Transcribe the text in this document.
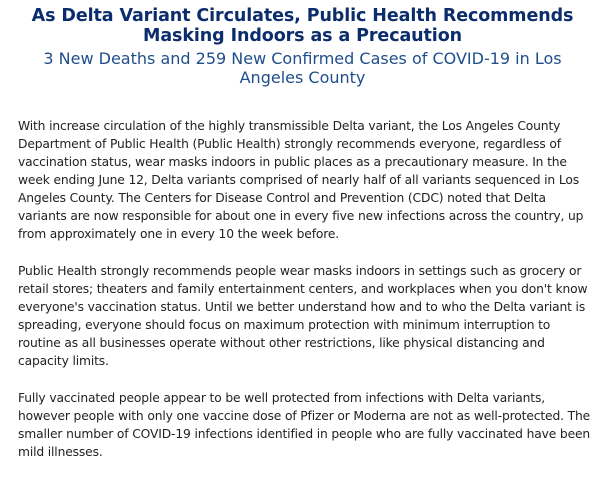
As Delta Variant Circulates, Public Health Recommends Masking Indoors as a Precaution
3 New Deaths and 259 New Confirmed Cases of COVID-19 in Los Angeles County

With increase circulation of the highly transmissible Delta variant, the Los Angeles County Department of Public Health (Public Health) strongly recommends everyone, regardless of vaccination status, wear masks indoors in public places as a precautionary measure. In the week ending June 12, Delta variants comprised of nearly half of all variants sequenced in Los Angeles County. The Centers for Disease Control and Prevention (CDC) noted that Delta variants are now responsible for about one in every five new infections across the country, up from approximately one in every 10 the week before.

Public Health strongly recommends people wear masks indoors in settings such as grocery or retail stores; theaters and family entertainment centers, and workplaces when you don't know everyone's vaccination status. Until we better understand how and to who the Delta variant is spreading, everyone should focus on maximum protection with minimum interruption to routine as all businesses operate without other restrictions, like physical distancing and capacity limits.

Fully vaccinated people appear to be well protected from infections with Delta variants, however people with only one vaccine dose of Pfizer or Moderna are not as well-protected. The smaller number of COVID-19 infections identified in people who are fully vaccinated have been mild illnesses.
